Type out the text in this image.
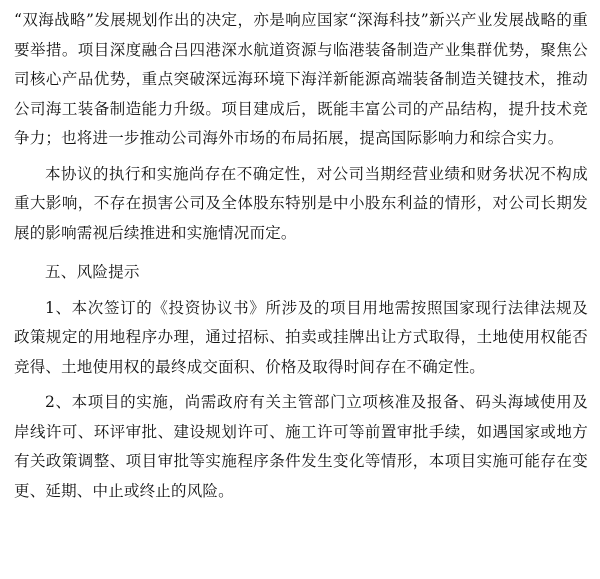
“双海战略”发展规划作出的决定，亦是响应国家“深海科技”新兴产业发展战略的重要举措。项目深度融合吕四港深水航道资源与临港装备制造产业集群优势，聚焦公司核心产品优势，重点突破深远海环境下海洋新能源高端装备制造关键技术，推动公司海工装备制造能力升级。项目建成后，既能丰富公司的产品结构，提升技术竞争力；也将进一步推动公司海外市场的布局拓展，提高国际影响力和综合实力。

本协议的执行和实施尚存在不确定性，对公司当期经营业绩和财务状况不构成重大影响，不存在损害公司及全体股东特别是中小股东利益的情形，对公司长期发展的影响需视后续推进和实施情况而定。

五、风险提示

1、本次签订的《投资协议书》所涉及的项目用地需按照国家现行法律法规及政策规定的用地程序办理，通过招标、拍卖或挂牌出让方式取得，土地使用权能否竞得、土地使用权的最终成交面积、价格及取得时间存在不确定性。

2、本项目的实施，尚需政府有关主管部门立项核准及报备、码头海域使用及岸线许可、环评审批、建设规划许可、施工许可等前置审批手续，如遇国家或地方有关政策调整、项目审批等实施程序条件发生变化等情形，本项目实施可能存在变更、延期、中止或终止的风险。
